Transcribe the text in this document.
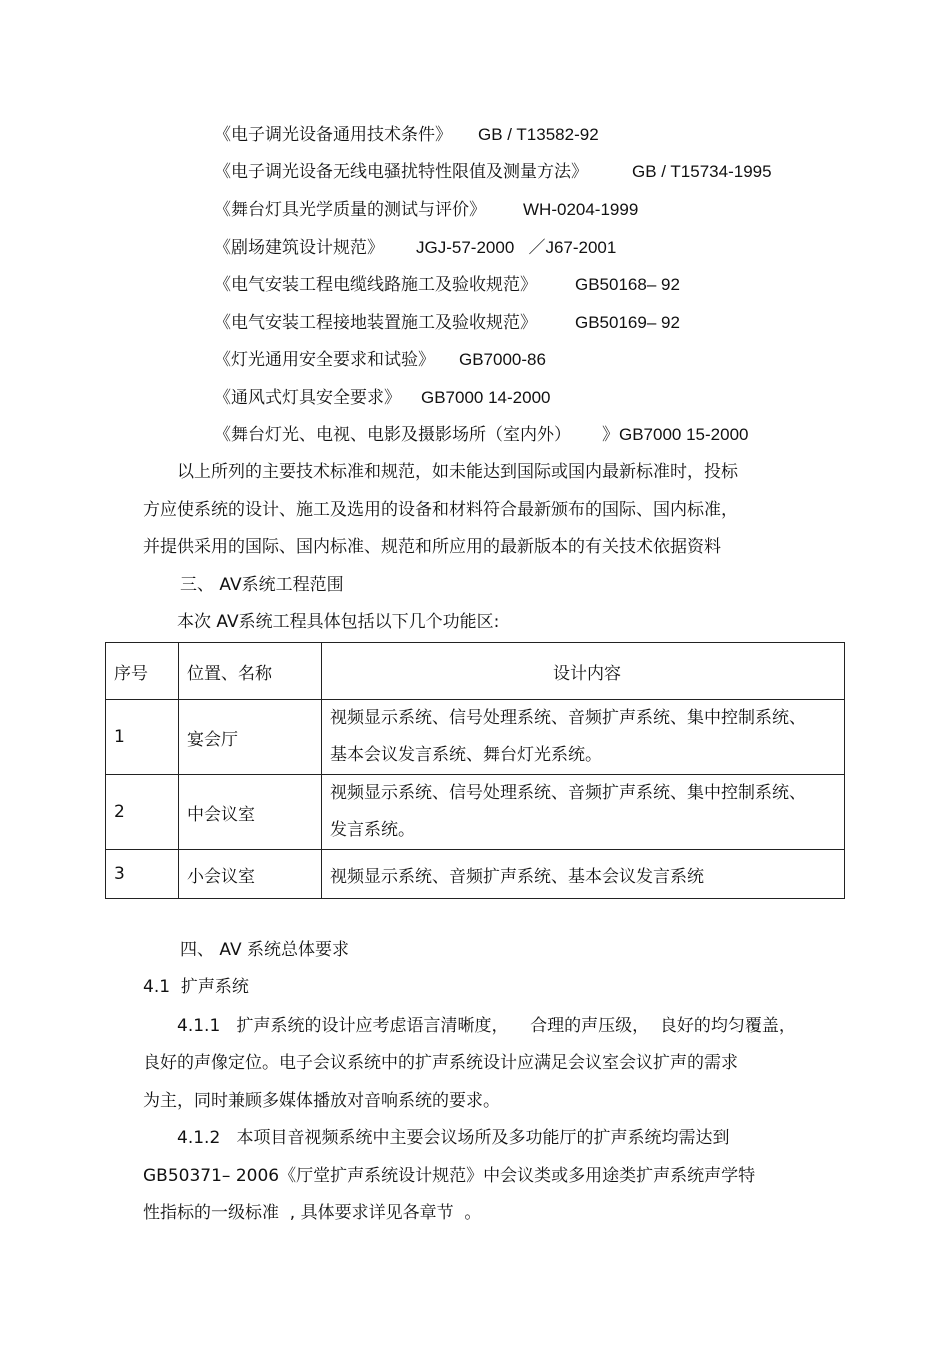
《电子调光设备通用技术条件》 GB / T13582-92
《电子调光设备无线电骚扰特性限值及测量方法》	GB / T15734-1995
《舞台灯具光学质量的测试与评价》 WH-0204-1999
《剧场建筑设计规范》 JGJ-57-2000   ／J67-2001
《电气安装工程电缆线路施工及验收规范》 GB50168– 92
《电气安装工程接地装置施工及验收规范》 GB50169– 92
《灯光通用安全要求和试验》 GB7000-86
《通风式灯具安全要求》 GB7000 14-2000
《舞台灯光、电视、电影及摄影场所（室内外） 》GB7000 15-2000
以上所列的主要技术标准和规范，如未能达到国际或国内最新标准时，投标
方应使系统的设计、施工及选用的设备和材料符合最新颁布的国际、国内标准，
并提供采用的国际、国内标准、规范和所应用的最新版本的有关技术依据资料
三、 AV系统工程范围
本次 AV系统工程具体包括以下几个功能区:
序号	位置、名称	设计内容
1	宴会厅	视频显示系统、信号处理系统、音频扩声系统、集中控制系统、
基本会议发言系统、舞台灯光系统。

2	中会议室	视频显示系统、信号处理系统、音频扩声系统、集中控制系统、
发言系统。

3	小会议室	视频显示系统、音频扩声系统、基本会议发言系统
四、 AV 系统总体要求
4.1  扩声系统
4.1.1   扩声系统的设计应考虑语言清晰度，    合理的声压级，  良好的均匀覆盖，
良好的声像定位。电子会议系统中的扩声系统设计应满足会议室会议扩声的需求
为主，同时兼顾多媒体播放对音响系统的要求。
4.1.2   本项目音视频系统中主要会议场所及多功能厅的扩声系统均需达到
GB50371– 2006《厅堂扩声系统设计规范》中会议类或多用途类扩声系统声学特
性指标的一级标准  , 具体要求详见各章节  。
